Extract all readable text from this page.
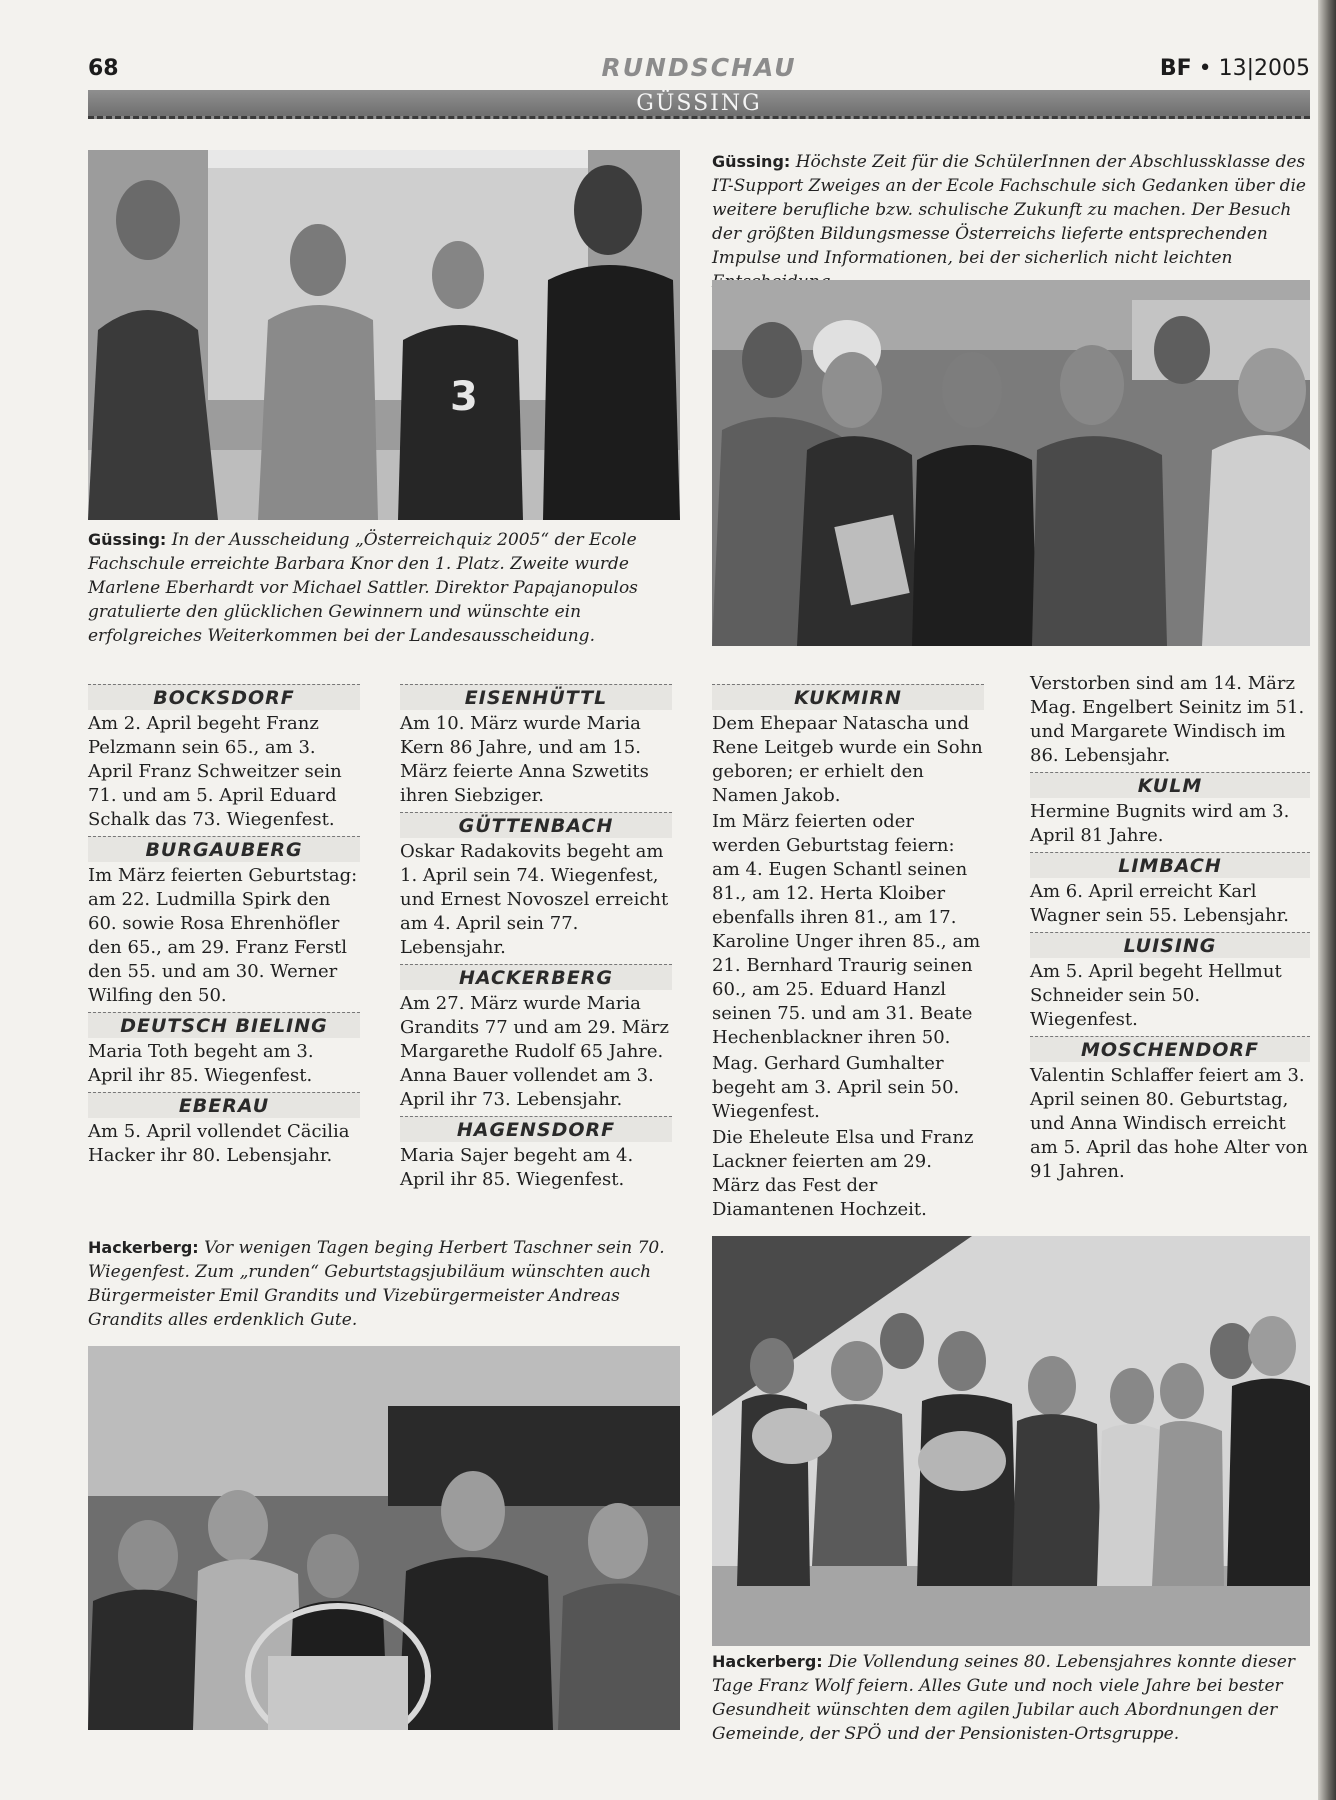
68	RUNDSCHAU	BF • 13|2005
GÜSSING
3
Güssing: In der Ausscheidung „Österreichquiz 2005“ der Ecole Fachschule erreichte Barbara Knor den 1. Platz. Zweite wurde Marlene Eberhardt vor Michael Sattler. Direktor Papajanopulos gratulierte den glücklichen Gewinnern und wünschte ein erfolgreiches Weiterkommen bei der Landesausscheidung.
Güssing: Höchste Zeit für die SchülerInnen der Abschlussklasse des IT-Support Zweiges an der Ecole Fachschule sich Gedanken über die weitere berufliche bzw. schulische Zukunft zu machen. Der Besuch der größten Bildungsmesse Österreichs lieferte entsprechenden Impulse und Informationen, bei der sicherlich nicht leichten
BOCKSDORF
Am 2. April begeht Franz Pelzmann sein 65., am 3. April Franz Schweitzer sein 71. und am 5. April Eduard Schalk das 73. Wiegenfest.
BURGAUBERG
Im März feierten Geburtstag: am 22. Ludmilla Spirk den 60. sowie Rosa Ehrenhöfler den 65., am 29. Franz Ferstl den 55. und am 30. Werner Wilfing den 50.
DEUTSCH BIELING
Maria Toth begeht am 3. April ihr 85. Wiegenfest.
EBERAU
Am 5. April vollendet Cäcilia Hacker ihr 80. Lebensjahr.
EISENHÜTTL
Am 10. März wurde Maria Kern 86 Jahre, und am 15. März feierte Anna Szwetits ihren Siebziger.
GÜTTENBACH
Oskar Radakovits begeht am 1. April sein 74. Wiegenfest, und Ernest Novoszel erreicht am 4. April sein 77. Lebensjahr.
HACKERBERG
Am 27. März wurde Maria Grandits 77 und am 29. März Margarethe Rudolf 65 Jahre. Anna Bauer vollendet am 3. April ihr 73. Lebensjahr.
HAGENSDORF
Maria Sajer begeht am 4. April ihr 85. Wiegenfest.
KUKMIRN
Dem Ehepaar Natascha und Rene Leitgeb wurde ein Sohn geboren; er erhielt den Namen Jakob.
Im März feierten oder werden Geburtstag feiern: am 4. Eugen Schantl seinen 81., am 12. Herta Kloiber ebenfalls ihren 81., am 17. Karoline Unger ihren 85., am 21. Bernhard Traurig seinen 60., am 25. Eduard Hanzl seinen 75. und am 31. Beate Hechenblackner ihren 50.
Mag. Gerhard Gumhalter begeht am 3. April sein 50. Wiegenfest.
Die Eheleute Elsa und Franz Lackner feierten am 29. März das Fest der Diamantenen Hochzeit.
Verstorben sind am 14. März Mag. Engelbert Seinitz im 51. und Margarete Windisch im 86. Lebensjahr.
KULM
Hermine Bugnits wird am 3. April 81 Jahre.
LIMBACH
Am 6. April erreicht Karl Wagner sein 55. Lebensjahr.
LUISING
Am 5. April begeht Hellmut Schneider sein 50. Wiegenfest.
MOSCHENDORF
Valentin Schlaffer feiert am 3. April seinen 80. Geburtstag, und Anna Windisch erreicht am 5. April das hohe Alter von 91 Jahren.
Hackerberg: Vor wenigen Tagen beging Herbert Taschner sein 70. Wiegenfest. Zum „runden“ Geburtstagsjubiläum wünschten auch Bürgermeister Emil Grandits und Vizebürgermeister Andreas Grandits alles erdenklich Gute.
Hackerberg: Die Vollendung seines 80. Lebensjahres konnte dieser Tage Franz Wolf feiern. Alles Gute und noch viele Jahre bei bester Gesundheit wünschten dem agilen Jubilar auch Abordnungen der Gemeinde, der SPÖ und der Pensionisten-Ortsgruppe.
